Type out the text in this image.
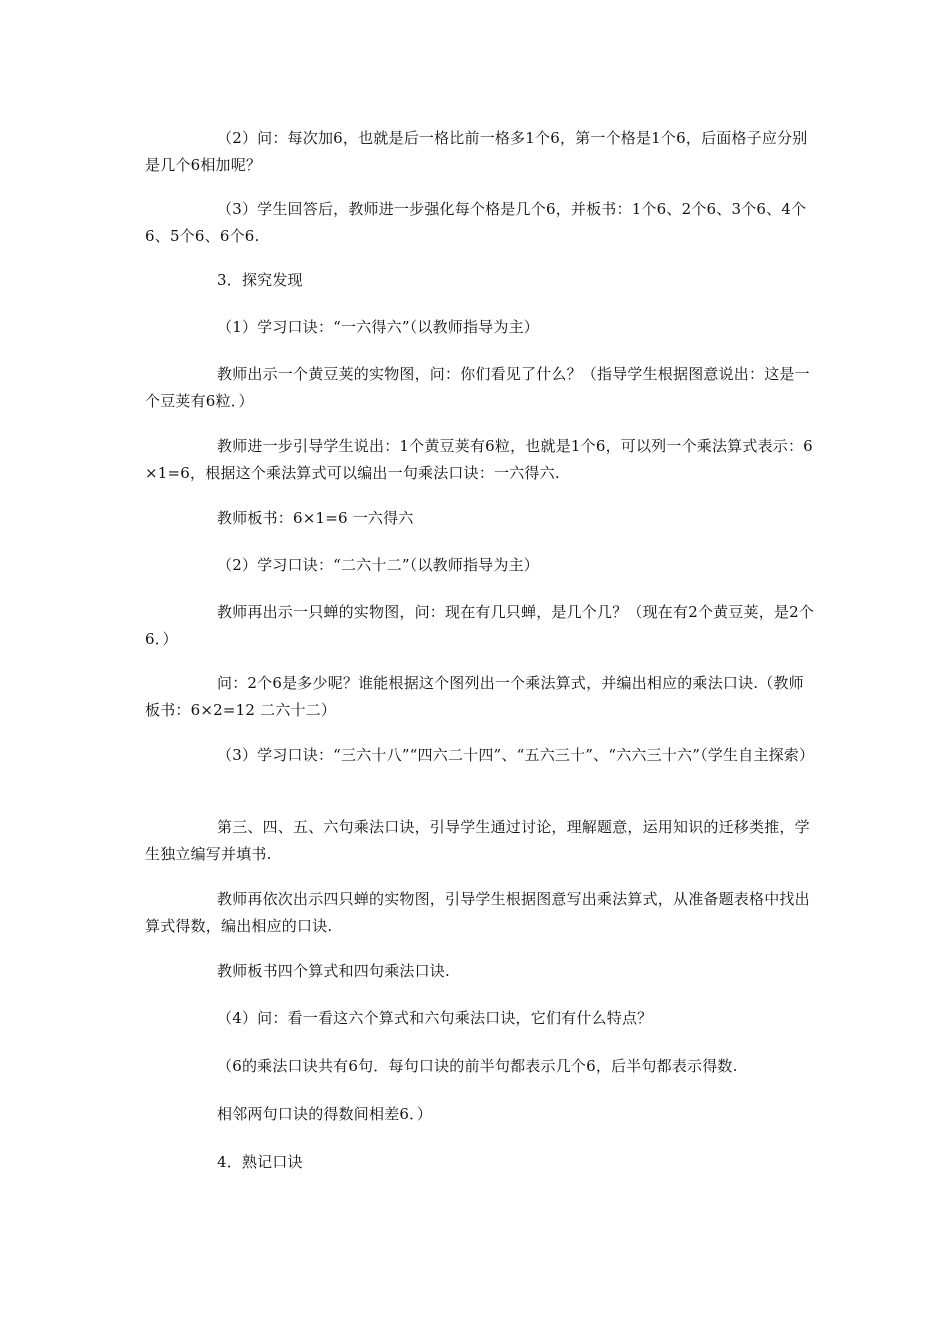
（2）问：每次加6，也就是后一格比前一格多1个6，第一个格是1个6，后面格子应分别是几个6相加呢？

（3）学生回答后，教师进一步强化每个格是几个6，并板书：1个6、2个6、3个6、4个6、5个6、6个6.

3．探究发现

（1）学习口诀：“一六得六”（以教师指导为主）

教师出示一个黄豆荚的实物图，问：你们看见了什么？（指导学生根据图意说出：这是一个豆荚有6粒．）

教师进一步引导学生说出：1个黄豆荚有6粒，也就是1个6，可以列一个乘法算式表示：6×1=6，根据这个乘法算式可以编出一句乘法口诀：一六得六.

教师板书：6×1=6 一六得六

（2）学习口诀：“二六十二”（以教师指导为主）

教师再出示一只蝉的实物图，问：现在有几只蝉，是几个几？（现在有2个黄豆荚，是2个6．）

问：2个6是多少呢？谁能根据这个图列出一个乘法算式，并编出相应的乘法口诀.（教师板书：6×2=12 二六十二）

（3）学习口诀：“三六十八”“四六二十四”、“五六三十”、“六六三十六”（学生自主探索）

第三、四、五、六句乘法口诀，引导学生通过讨论，理解题意，运用知识的迁移类推，学生独立编写并填书.

教师再依次出示四只蝉的实物图，引导学生根据图意写出乘法算式，从准备题表格中找出算式得数，编出相应的口诀.

教师板书四个算式和四句乘法口诀.

（4）问：看一看这六个算式和六句乘法口诀，它们有什么特点？

（6的乘法口诀共有6句．每句口诀的前半句都表示几个6，后半句都表示得数.

相邻两句口诀的得数间相差6．）

4．熟记口诀
